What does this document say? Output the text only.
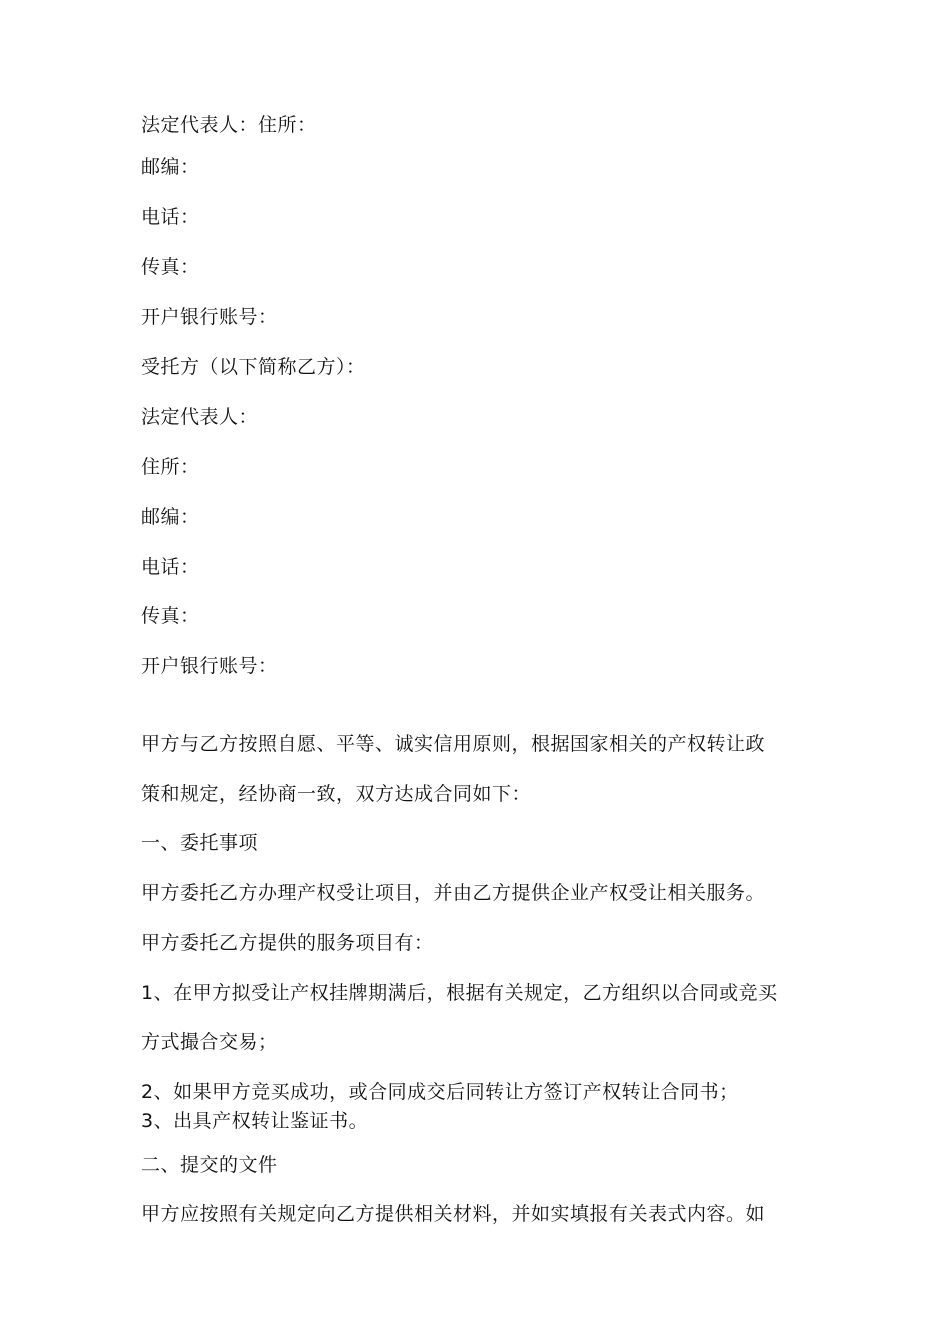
法定代表人：住所：
邮编：
电话：
传真：
开户银行账号：
受托方（以下简称乙方）：
法定代表人：
住所：
邮编：
电话：
传真：
开户银行账号：
甲方与乙方按照自愿、平等、诚实信用原则，根据国家相关的产权转让政
策和规定，经协商一致，双方达成合同如下：
一、委托事项
甲方委托乙方办理产权受让项目，并由乙方提供企业产权受让相关服务。
甲方委托乙方提供的服务项目有：
1、在甲方拟受让产权挂牌期满后，根据有关规定，乙方组织以合同或竞买
方式撮合交易；
2、如果甲方竞买成功，或合同成交后同转让方签订产权转让合同书；
3、出具产权转让鉴证书。
二、提交的文件
甲方应按照有关规定向乙方提供相关材料，并如实填报有关表式内容。如
